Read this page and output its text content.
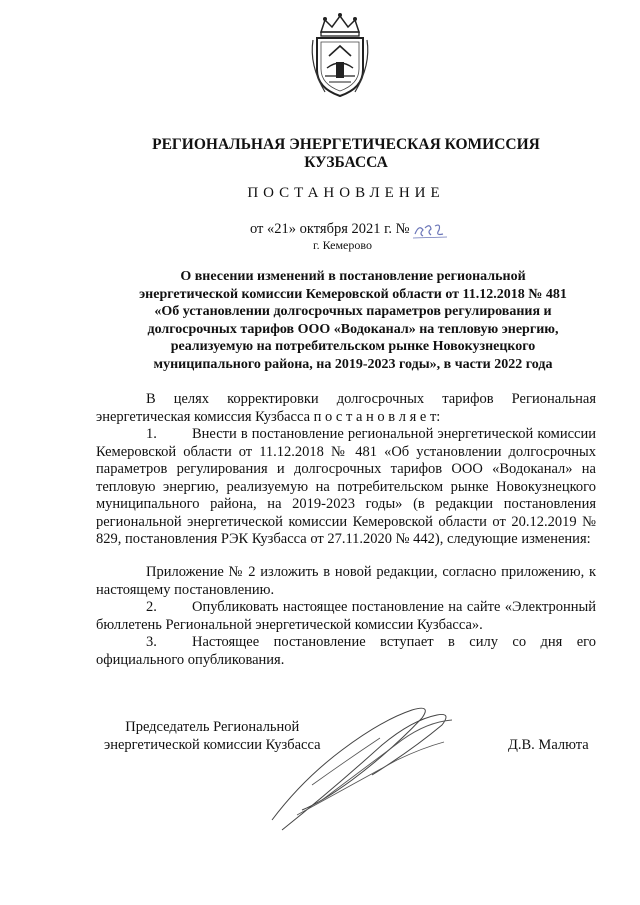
РЕГИОНАЛЬНАЯ ЭНЕРГЕТИЧЕСКАЯ КОМИССИЯ
КУЗБАССА
ПОСТАНОВЛЕНИЕ
от «21» октября 2021 г. №
г. Кемерово
О внесении изменений в постановление региональной
энергетической комиссии Кемеровской области от 11.12.2018 № 481
«Об установлении долгосрочных параметров регулирования и
долгосрочных тарифов ООО «Водоканал» на тепловую энергию,
реализуемую на потребительском рынке Новокузнецкого
муниципального района, на 2019-2023 годы», в части 2022 года
В целях корректировки долгосрочных тарифов Региональная энергетическая комиссия Кузбасса п о с т а н о в л я е т:
1. Внести в постановление региональной энергетической комиссии Кемеровской области от 11.12.2018 № 481 «Об установлении долгосрочных параметров регулирования и долгосрочных тарифов ООО «Водоканал» на тепловую энергию, реализуемую на потребительском рынке Новокузнецкого муниципального района, на 2019-2023 годы» (в редакции постановления региональной энергетической комиссии Кемеровской области от 20.12.2019 № 829, постановления РЭК Кузбасса от 27.11.2020 № 442), следующие изменения:
Приложение № 2 изложить в новой редакции, согласно приложению, к настоящему постановлению.
2. Опубликовать настоящее постановление на сайте «Электронный бюллетень Региональной энергетической комиссии Кузбасса».
3. Настоящее постановление вступает в силу со дня его официального опубликования.
Председатель Региональной
энергетической комиссии Кузбасса	Д.В. Малюта
